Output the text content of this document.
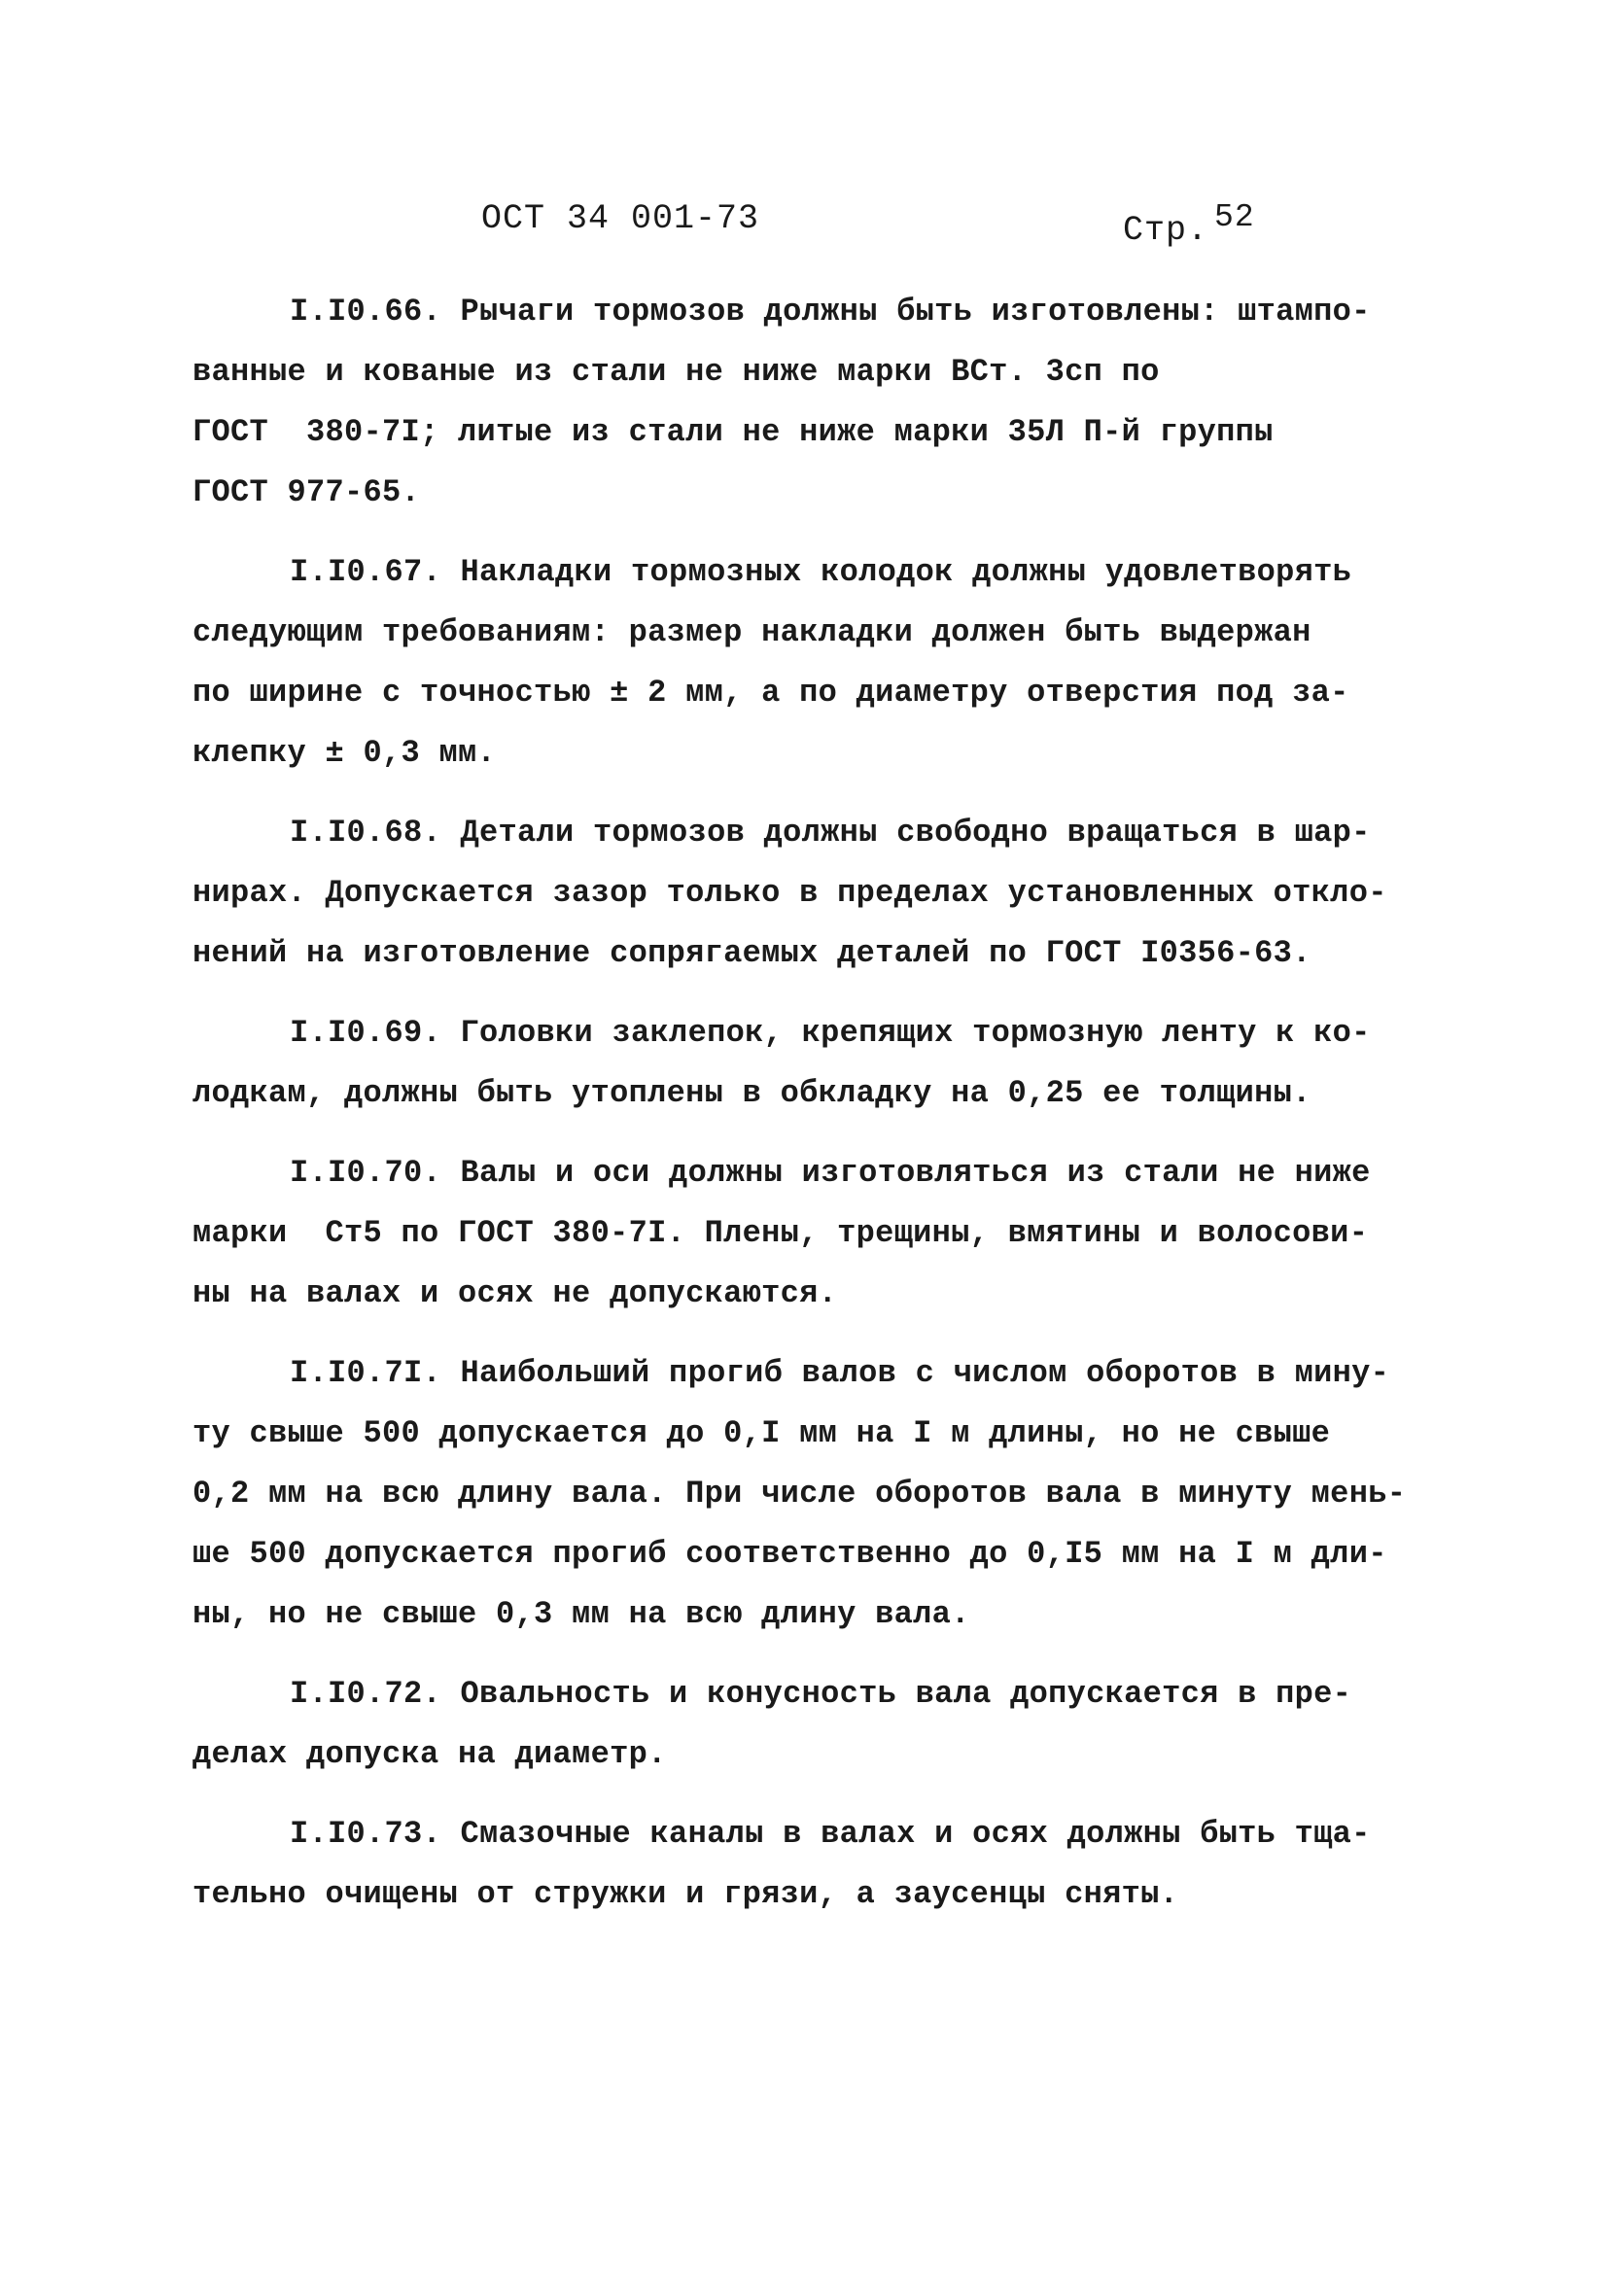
ОСТ 34 001-73	Стр. $^{52}$
I.I0.66. Рычаги тормозов должны быть изготовлены: штампо-
ванные и кованые из стали не ниже марки ВСт. 3сп по
ГОСТ  380-7I; литые из стали не ниже марки 35Л П-й группы
ГОСТ 977-65.
I.I0.67. Накладки тормозных колодок должны удовлетворять
следующим требованиям: размер накладки должен быть выдержан
по ширине с точностью ± 2 мм, а по диаметру отверстия под за-
клепку ± 0,3 мм.
I.I0.68. Детали тормозов должны свободно вращаться в шар-
нирах. Допускается зазор только в пределах установленных откло-
нений на изготовление сопрягаемых деталей по ГОСТ I0356-63.
I.I0.69. Головки заклепок, крепящих тормозную ленту к ко-
лодкам, должны быть утоплены в обкладку на 0,25 ее толщины.
I.I0.70. Валы и оси должны изготовляться из стали не ниже
марки  Ст5 по ГОСТ 380-7I. Плены, трещины, вмятины и волосови-
ны на валах и осях не допускаются.
I.I0.7I. Наибольший прогиб валов с числом оборотов в мину-
ту свыше 500 допускается до 0,I мм на I м длины, но не свыше
0,2 мм на всю длину вала. При числе оборотов вала в минуту мень-
ше 500 допускается прогиб соответственно до 0,I5 мм на I м дли-
ны, но не свыше 0,3 мм на всю длину вала.
I.I0.72. Овальность и конусность вала допускается в пре-
делах допуска на диаметр.
I.I0.73. Смазочные каналы в валах и осях должны быть тща-
тельно очищены от стружки и грязи, а заусенцы сняты.
